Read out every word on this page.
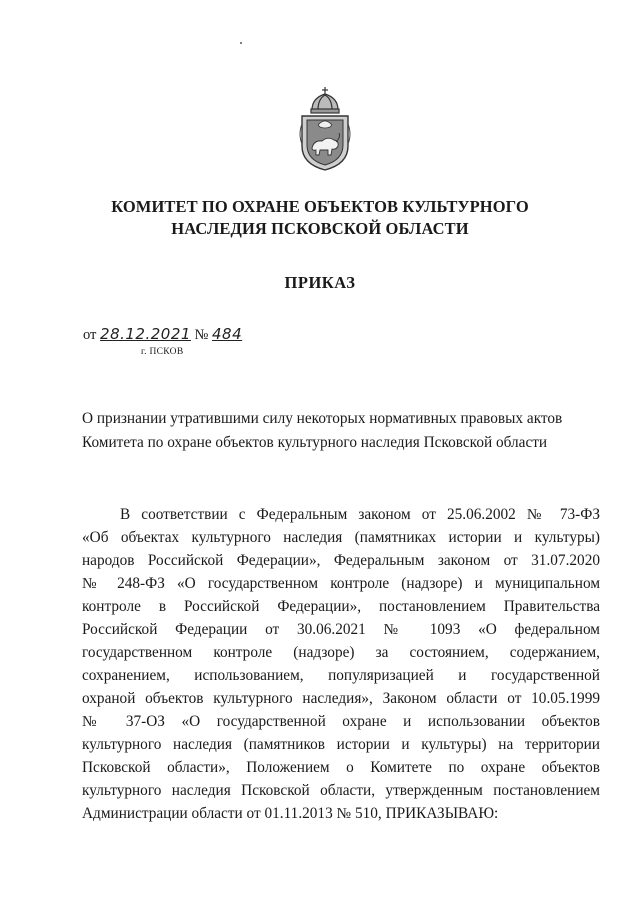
КОМИТЕТ ПО ОХРАНЕ ОБЪЕКТОВ КУЛЬТУРНОГО
НАСЛЕДИЯ ПСКОВСКОЙ ОБЛАСТИ
ПРИКАЗ
от 28.12.2021 № 484
г. ПСКОВ
О признании утратившими силу некоторых нормативных правовых актов
Комитета по охране объектов культурного наследия Псковской области
В соответствии с Федеральным законом от 25.06.2002 № 73-ФЗ
«Об объектах культурного наследия (памятниках истории и культуры)
народов Российской Федерации», Федеральным законом от 31.07.2020
№ 248-ФЗ «О государственном контроле (надзоре) и муниципальном
контроле в Российской Федерации», постановлением Правительства
Российской Федерации от 30.06.2021 № 1093 «О федеральном
государственном контроле (надзоре) за состоянием, содержанием,
сохранением, использованием, популяризацией и государственной
охраной объектов культурного наследия», Законом области от 10.05.1999
№ 37-ОЗ «О государственной охране и использовании объектов
культурного наследия (памятников истории и культуры) на территории
Псковской области», Положением о Комитете по охране объектов
культурного наследия Псковской области, утвержденным постановлением
Администрации области от 01.11.2013 № 510, ПРИКАЗЫВАЮ:
